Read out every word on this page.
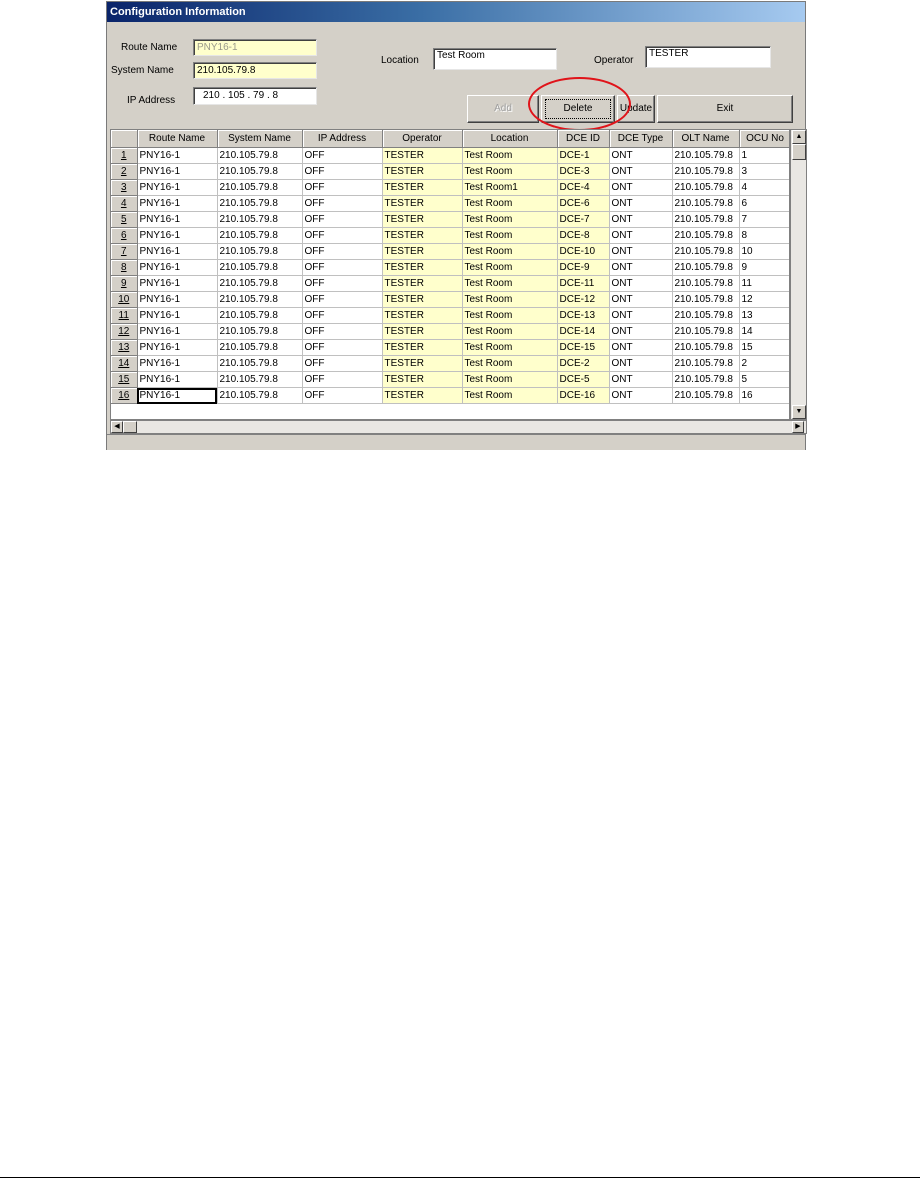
Configuration Information
Route Name	PNY16-1
System Name	210.105.79.8
IP Address	210 . 105 . 79 . 8
Location	Test Room	Operator
TESTER
Add	Delete	Update	Exit
	Route Name	System Name	IP Address	Operator	Location	DCE ID	DCE Type	OLT Name	OCU No
1	PNY16-1	210.105.79.8	OFF	TESTER	Test Room	DCE-1	ONT	210.105.79.8	1
2	PNY16-1	210.105.79.8	OFF	TESTER	Test Room	DCE-3	ONT	210.105.79.8	3
3	PNY16-1	210.105.79.8	OFF	TESTER	Test Room1	DCE-4	ONT	210.105.79.8	4
4	PNY16-1	210.105.79.8	OFF	TESTER	Test Room	DCE-6	ONT	210.105.79.8	6
5	PNY16-1	210.105.79.8	OFF	TESTER	Test Room	DCE-7	ONT	210.105.79.8	7
6	PNY16-1	210.105.79.8	OFF	TESTER	Test Room	DCE-8	ONT	210.105.79.8	8
7	PNY16-1	210.105.79.8	OFF	TESTER	Test Room	DCE-10	ONT	210.105.79.8	10
8	PNY16-1	210.105.79.8	OFF	TESTER	Test Room	DCE-9	ONT	210.105.79.8	9
9	PNY16-1	210.105.79.8	OFF	TESTER	Test Room	DCE-11	ONT	210.105.79.8	11
10	PNY16-1	210.105.79.8	OFF	TESTER	Test Room	DCE-12	ONT	210.105.79.8	12
11	PNY16-1	210.105.79.8	OFF	TESTER	Test Room	DCE-13	ONT	210.105.79.8	13
12	PNY16-1	210.105.79.8	OFF	TESTER	Test Room	DCE-14	ONT	210.105.79.8	14
13	PNY16-1	210.105.79.8	OFF	TESTER	Test Room	DCE-15	ONT	210.105.79.8	15
14	PNY16-1	210.105.79.8	OFF	TESTER	Test Room	DCE-2	ONT	210.105.79.8	2
15	PNY16-1	210.105.79.8	OFF	TESTER	Test Room	DCE-5	ONT	210.105.79.8	5
16	PNY16-1	210.105.79.8	OFF	TESTER	Test Room	DCE-16	ONT	210.105.79.8	16
▲
▼
◀	▶
